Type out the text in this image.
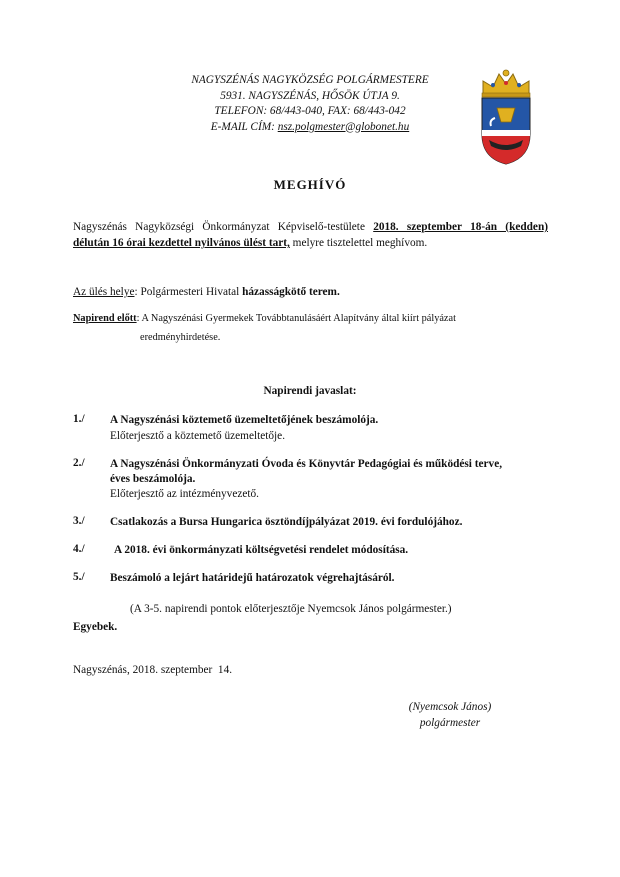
NAGYSZÉNÁS NAGYKÖZSÉG POLGÁRMESTERE
5931. NAGYSZÉNÁS, HŐSÖK ÚTJA 9.
TELEFON: 68/443-040, FAX: 68/443-042
E-MAIL CÍM: nsz.polgmester@globonet.hu
MEGHÍVÓ
Nagyszénás Nagyközségi Önkormányzat Képviselő-testülete 2018. szeptember 18-án (kedden) délután 16 órai kezdettel nyilvános ülést tart, melyre tisztelettel meghívom.
Az ülés helye: Polgármesteri Hivatal házasságkötő terem.
Napirend előtt: A Nagyszénási Gyermekek Továbbtanulásáért Alapítvány által kiírt pályázat
eredményhirdetése.
Napirendi javaslat:
1./ A Nagyszénási köztemető üzemeltetőjének beszámolója.
Előterjesztő a köztemető üzemeltetője.
2./ A Nagyszénási Önkormányzati Óvoda és Könyvtár Pedagógiai és működési terve,
éves beszámolója.
Előterjesztő az intézményvezető.
3./ Csatlakozás a Bursa Hungarica ösztöndíjpályázat 2019. évi fordulójához.
4./	A 2018. évi önkormányzati költségvetési rendelet módosítása.
5./ Beszámoló a lejárt határidejű határozatok végrehajtásáról.
(A 3-5. napirendi pontok előterjesztője Nyemcsok János polgármester.)
Egyebek.
Nagyszénás, 2018. szeptember  14.
(Nyemcsok János)
polgármester
